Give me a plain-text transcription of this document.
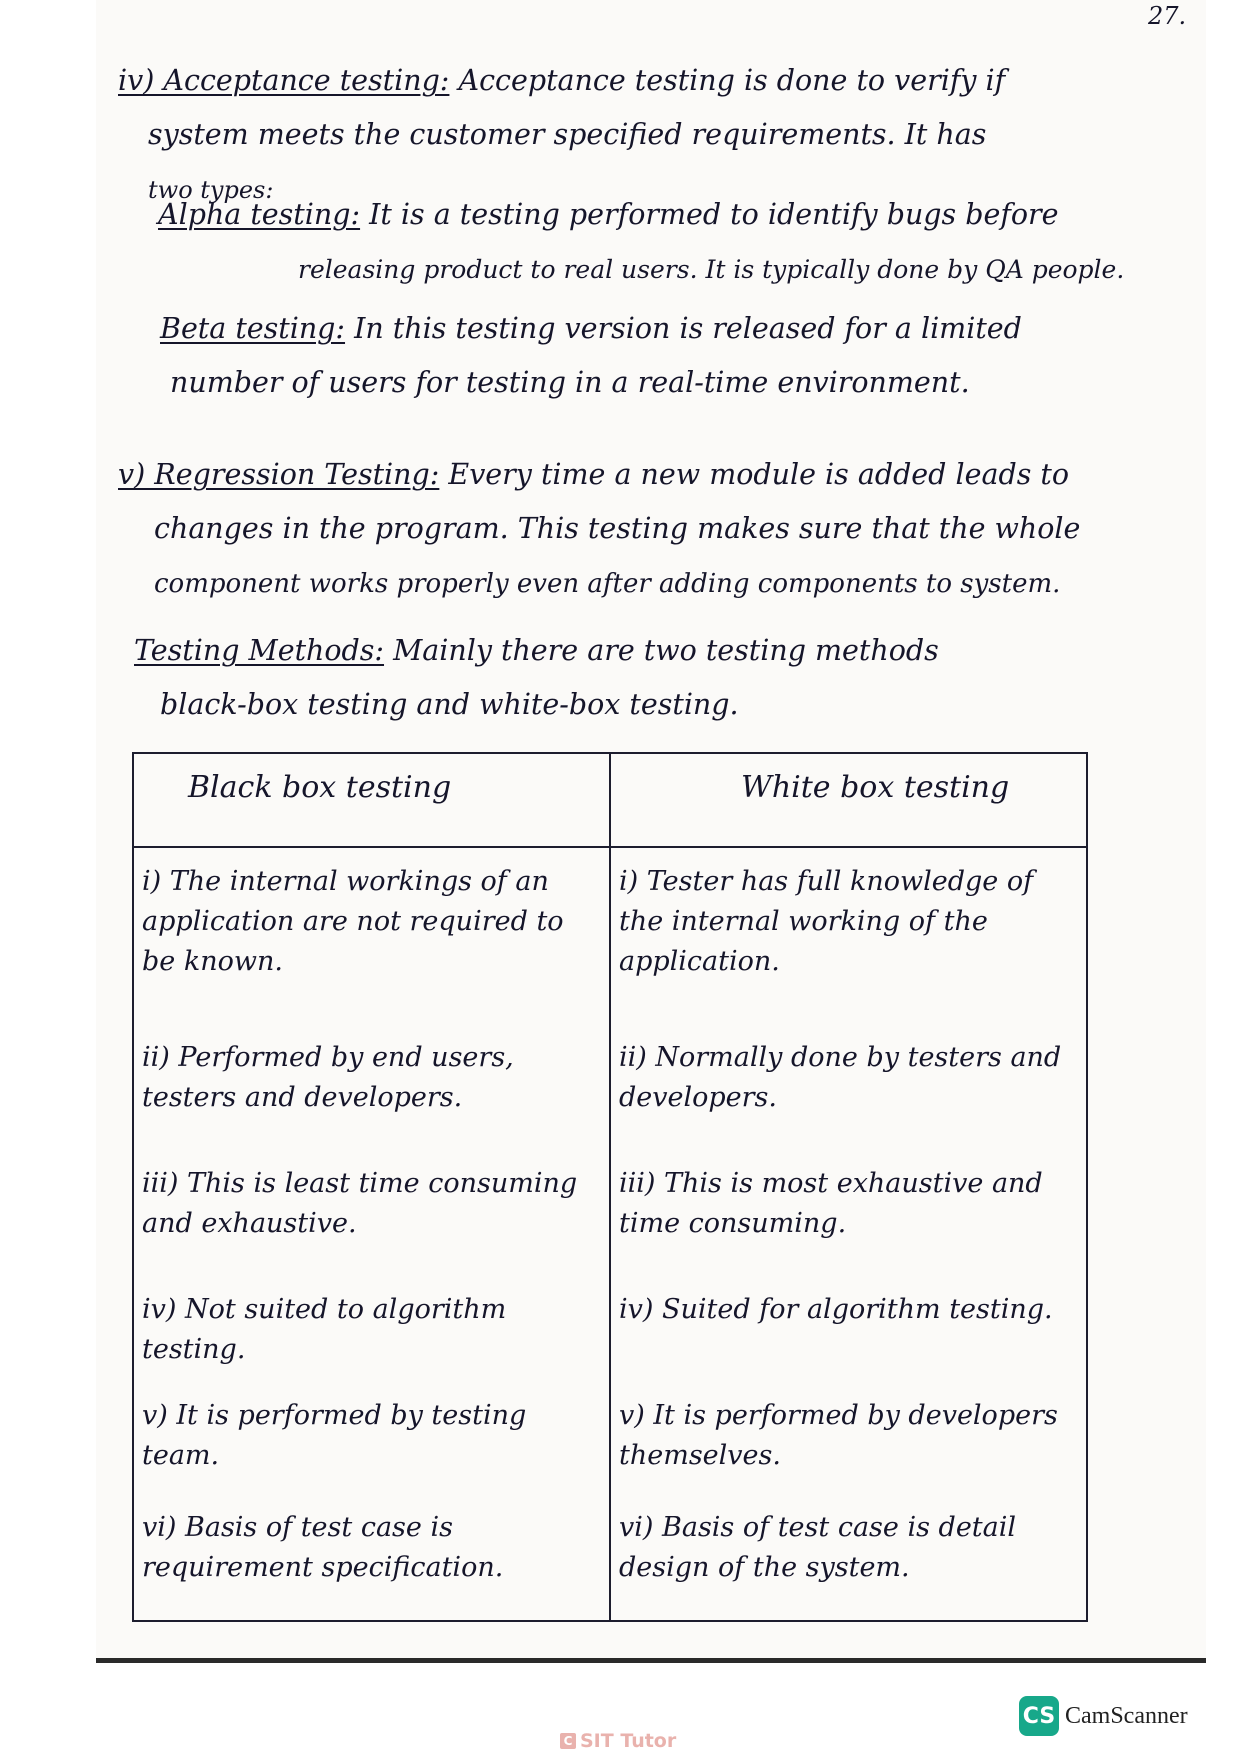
27.

iv) Acceptance testing: Acceptance testing is done to verify if
system meets the customer specified requirements. It has
two types:

Alpha testing: It is a testing performed to identify bugs before
releasing product to real users. It is typically done by QA people.

Beta testing: In this testing version is released for a limited
number of users for testing in a real-time environment.

v) Regression Testing: Every time a new module is added leads to
changes in the program. This testing makes sure that the whole
component works properly even after adding components to system.

Testing Methods: Mainly there are two testing methods
black-box testing and white-box testing.

Black box testing	White box testing

i) The internal workings of an application are not required to be known.	i) Tester has full knowledge of the internal working of the application.

ii) Performed by end users, testers and developers.	ii) Normally done by testers and developers.

iii) This is least time consuming and exhaustive.	iii) This is most exhaustive and time consuming.

iv) Not suited to algorithm testing.	iv) Suited for algorithm testing.

v) It is performed by testing team.	v) It is performed by developers themselves.

vi) Basis of test case is requirement specification.	vi) Basis of test case is detail design of the system.
CS CamScanner
C SIT Tutor
